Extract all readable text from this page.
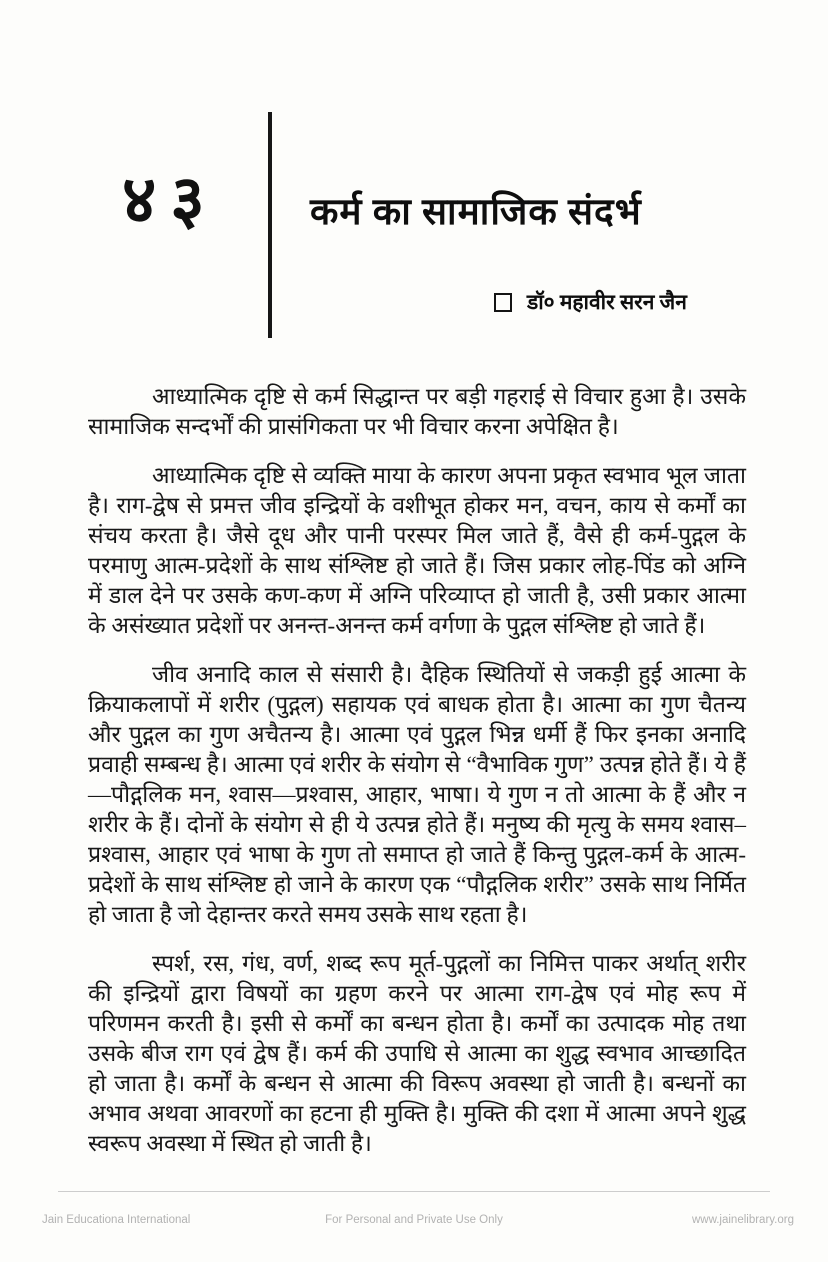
४३ कर्म का सामाजिक संदर्भ
डॉ० महावीर सरन जैन

आध्यात्मिक दृष्टि से कर्म सिद्धान्त पर बड़ी गहराई से विचार हुआ है। उसके सामाजिक सन्दर्भों की प्रासंगिकता पर भी विचार करना अपेक्षित है।

आध्यात्मिक दृष्टि से व्यक्ति माया के कारण अपना प्रकृत स्वभाव भूल जाता है। राग-द्वेष से प्रमत्त जीव इन्द्रियों के वशीभूत होकर मन, वचन, काय से कर्मों का संचय करता है। जैसे दूध और पानी परस्पर मिल जाते हैं, वैसे ही कर्म-पुद्गल के परमाणु आत्म-प्रदेशों के साथ संश्लिष्ट हो जाते हैं। जिस प्रकार लोह-पिंड को अग्नि में डाल देने पर उसके कण-कण में अग्नि परिव्याप्त हो जाती है, उसी प्रकार आत्मा के असंख्यात प्रदेशों पर अनन्त-अनन्त कर्म वर्गणा के पुद्गल संश्लिष्ट हो जाते हैं।

जीव अनादि काल से संसारी है। दैहिक स्थितियों से जकड़ी हुई आत्मा के क्रियाकलापों में शरीर (पुद्गल) सहायक एवं बाधक होता है। आत्मा का गुण चैतन्य और पुद्गल का गुण अचैतन्य है। आत्मा एवं पुद्गल भिन्न धर्मी हैं फिर इनका अनादि प्रवाही सम्बन्ध है। आत्मा एवं शरीर के संयोग से “वैभाविक गुण” उत्पन्न होते हैं। ये हैं—पौद्गलिक मन, श्वास—प्रश्वास, आहार, भाषा। ये गुण न तो आत्मा के हैं और न शरीर के हैं। दोनों के संयोग से ही ये उत्पन्न होते हैं। मनुष्य की मृत्यु के समय श्वास–प्रश्वास, आहार एवं भाषा के गुण तो समाप्त हो जाते हैं किन्तु पुद्गल-कर्म के आत्म-प्रदेशों के साथ संश्लिष्ट हो जाने के कारण एक “पौद्गलिक शरीर” उसके साथ निर्मित हो जाता है जो देहान्तर करते समय उसके साथ रहता है।

स्पर्श, रस, गंध, वर्ण, शब्द रूप मूर्त-पुद्गलों का निमित्त पाकर अर्थात् शरीर की इन्द्रियों द्वारा विषयों का ग्रहण करने पर आत्मा राग-द्वेष एवं मोह रूप में परिणमन करती है। इसी से कर्मों का बन्धन होता है। कर्मों का उत्पादक मोह तथा उसके बीज राग एवं द्वेष हैं। कर्म की उपाधि से आत्मा का शुद्ध स्वभाव आच्छादित हो जाता है। कर्मों के बन्धन से आत्मा की विरूप अवस्था हो जाती है। बन्धनों का अभाव अथवा आवरणों का हटना ही मुक्ति है। मुक्ति की दशा में आत्मा अपने शुद्ध स्वरूप अवस्था में स्थित हो जाती है।

Jain Educationa International	For Personal and Private Use Only	www.jainelibrary.org
